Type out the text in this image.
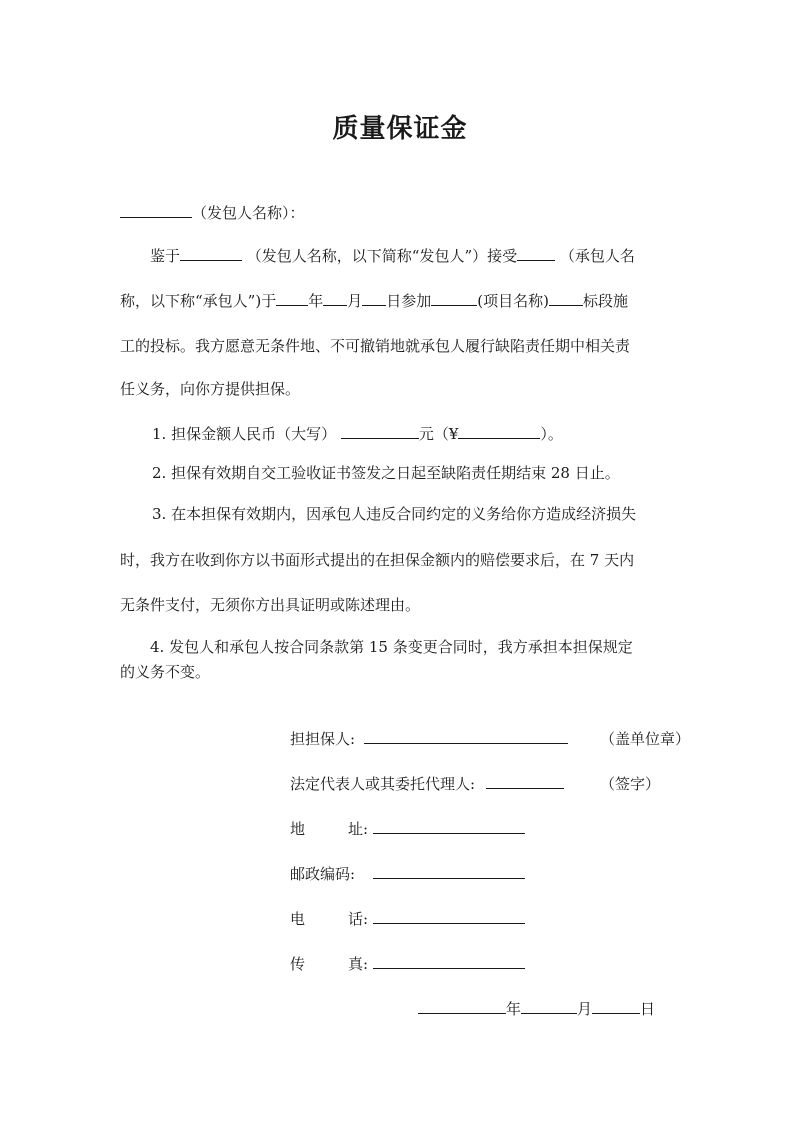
质量保证金
（发包人名称）：
鉴于	（发包人名称，以下简称“发包人”）接受	（承包人名
称，以下称“承包人”)于 年 月 日参加	(项目名称) 标段施
工的投标。我方愿意无条件地、不可撤销地就承包人履行缺陷责任期中相关责
任义务，向你方提供担保。
1. 担保金额人民币（大写）	元（¥	）。
2. 担保有效期自交工验收证书签发之日起至缺陷责任期结束 28 日止。
3. 在本担保有效期内，因承包人违反合同约定的义务给你方造成经济损失
时，我方在收到你方以书面形式提出的在担保金额内的赔偿要求后，在 7 天内
无条件支付，无须你方出具证明或陈述理由。
4. 发包人和承包人按合同条款第 15 条变更合同时，我方承担本担保规定
的义务不变。
担担保人:	（盖单位章）
法定代表人或其委托代理人:	（签字）
地	址:

邮政编码:
电	话:

传	真:

年	月	日
